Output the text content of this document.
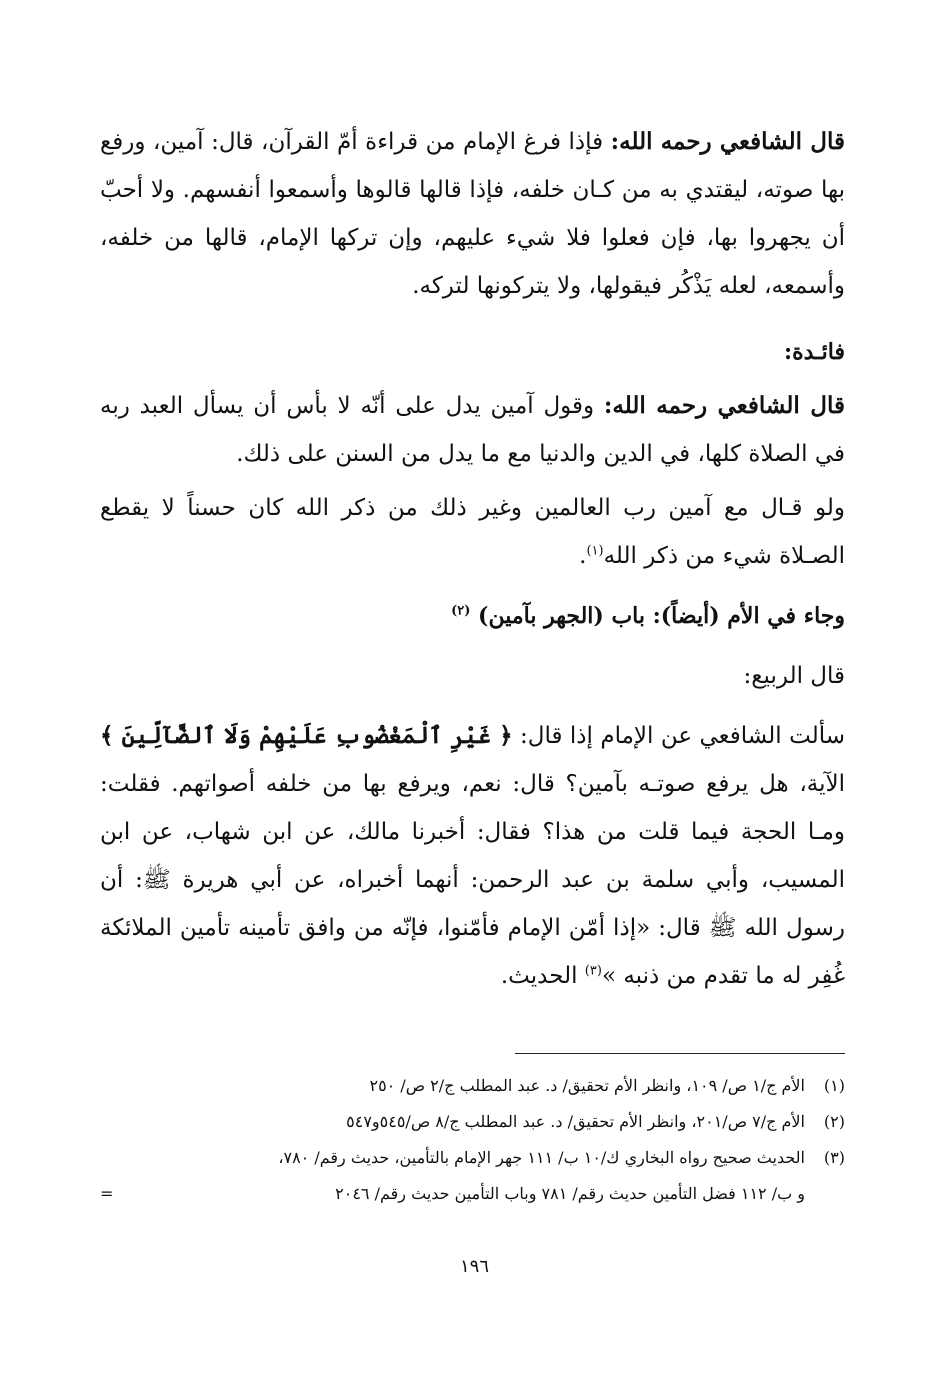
قال الشافعي رحمه الله: فإذا فرغ الإمام من قراءة أمّ القرآن، قال: آمين، ورفع بها صوته، ليقتدي به من كـان خلفه، فإذا قالها قالوها وأسمعوا أنفسهم. ولا أحبّ أن يجهروا بها، فإن فعلوا فلا شيء عليهم، وإن تركها الإمام، قالها من خلفه، وأسمعه، لعله يَذْكُر فيقولها، ولا يتركونها لتركه.

فائـدة:

قال الشافعي رحمه الله: وقول آمين يدل على أنّه لا بأس أن يسأل العبد ربه في الصلاة كلها، في الدين والدنيا مع ما يدل من السنن على ذلك.

ولو قـال مع آمين رب العالمين وغير ذلك من ذكر الله كان حسناً لا يقطع الصـلاة شيء من ذكر الله$^{(١)}$.

وجاء في الأم (أيضاً): باب (الجهر بآمين) $^{(٢)}$

قال الربيع:

سألت الشافعي عن الإمام إذا قال: ﴿ غَيْرِ ٱلْمَغْضُوبِ عَلَيْهِمْ وَلَا ٱلضَّآلِّينَ ﴾ الآية، هل يرفع صوتـه بآمين؟ قال: نعم، ويرفع بها من خلفه أصواتهم. فقلت: ومـا الحجة فيما قلت من هذا؟ فقال: أخبرنا مالك، عن ابن شهاب، عن ابن المسيب، وأبي سلمة بن عبد الرحمن: أنهما أخبراه، عن أبي هريرة ﷺ: أن رسول الله ﷺ قال: «إذا أمّن الإمام فأمّنوا، فإنّه من وافق تأمينه تأمين الملائكة غُفِر له ما تقدم من ذنبه »$^{(٣)}$ الحديث.

(١)
الأم ج/١ ص/ ١٠٩، وانظر الأم تحقيق/ د. عبد المطلب ج/٢ ص/ ٢٥٠
(٢)
الأم ج/٧ ص/٢٠١، وانظر الأم تحقيق/ د. عبد المطلب ج/٨ ص/٥٤٥و٥٤٧
(٣)
الحديث صحيح رواه البخاري ك/١٠ ب/ ١١١ جهر الإمام بالتأمين، حديث رقم/ ٧٨٠،
و ب/ ١١٢ فضل التأمين حديث رقم/ ٧٨١ وباب التأمين حديث رقم/ ٢٠٤٦
=
١٩٦
